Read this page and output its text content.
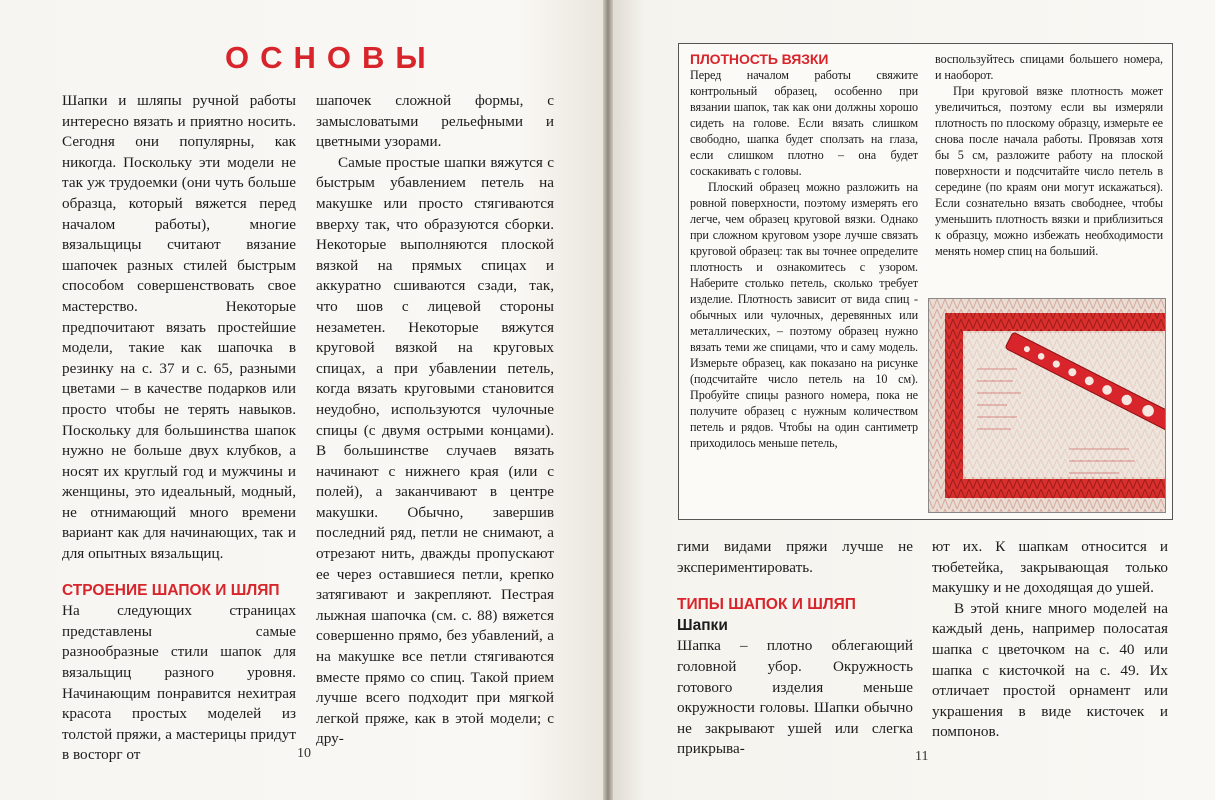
ОСНОВЫ

Шапки и шляпы ручной работы интересно вязать и приятно носить. Сегодня они популярны, как никогда. Поскольку эти модели не так уж трудоемки (они чуть больше образца, который вяжется перед началом работы), многие вязальщицы считают вязание шапочек разных стилей быстрым способом совершенствовать свое мастерство. Некоторые предпочитают вязать простейшие модели, такие как шапочка в резинку на с. 37 и с. 65, разными цветами – в качестве подарков или просто чтобы не терять навыков. Поскольку для большинства шапок нужно не больше двух клубков, а носят их круглый год и мужчины и женщины, это идеальный, модный, не отнимающий много времени вариант как для начинающих, так и для опытных вязальщиц.

СТРОЕНИЕ ШАПОК И ШЛЯП

На следующих страницах представлены самые разнообразные стили шапок для вязальщиц разного уровня. Начинающим понравится нехитрая красота простых моделей из толстой пряжи, а мастерицы придут в восторг от

шапочек сложной формы, с замысловатыми рельефными и цветными узорами.

Самые простые шапки вяжутся с быстрым убавлением петель на макушке или просто стягиваются вверху так, что образуются сборки. Некоторые выполняются плоской вязкой на прямых спицах и аккуратно сшиваются сзади, так, что шов с лицевой стороны незаметен. Некоторые вяжутся круговой вязкой на круговых спицах, а при убавлении петель, когда вязать круговыми становится неудобно, используются чулочные спицы (с двумя острыми концами). В большинстве случаев вязать начинают с нижнего края (или с полей), а заканчивают в центре макушки. Обычно, завершив последний ряд, петли не снимают, а отрезают нить, дважды пропускают ее через оставшиеся петли, крепко затягивают и закрепляют. Пестрая лыжная шапочка (см. с. 88) вяжется совершенно прямо, без убавлений, а на макушке все петли стягиваются вместе прямо со спиц. Такой прием лучше всего подходит при мягкой легкой пряже, как в этой модели; с дру-

10

ПЛОТНОСТЬ ВЯЗКИ

Перед началом работы свяжите контрольный образец, особенно при вязании шапок, так как они должны хорошо сидеть на голове. Если вязать слишком свободно, шапка будет сползать на глаза, если слишком плотно – она будет соскакивать с головы.

Плоский образец можно разложить на ровной поверхности, поэтому измерять его легче, чем образец круговой вязки. Однако при сложном круговом узоре лучше связать круговой образец: так вы точнее определите плотность и ознакомитесь с узором. Наберите столько петель, сколько требует изделие. Плотность зависит от вида спиц - обычных или чулочных, деревянных или металлических, – поэтому образец нужно вязать теми же спицами, что и саму модель. Измерьте образец, как показано на рисунке (подсчитайте число петель на 10 см). Пробуйте спицы разного номера, пока не получите образец с нужным количеством петель и рядов. Чтобы на один сантиметр приходилось меньше петель,

воспользуйтесь спицами большего номера, и наоборот.

При круговой вязке плотность может увеличиться, поэтому если вы измеряли плотность по плоскому образцу, измерьте ее снова после начала работы. Провязав хотя бы 5 см, разложите работу на плоской поверхности и подсчитайте число петель в середине (по краям они могут искажаться). Если сознательно вязать свободнее, чтобы уменьшить плотность вязки и приблизиться к образцу, можно избежать необходимости менять номер спиц на больший.

гими видами пряжи лучше не экспериментировать.

ТИПЫ ШАПОК И ШЛЯП

Шапки

Шапка – плотно облегающий головной убор. Окружность готового изделия меньше окружности головы. Шапки обычно не закрывают ушей или слегка прикрыва-

ют их. К шапкам относится и тюбетейка, закрывающая только макушку и не доходящая до ушей.

В этой книге много моделей на каждый день, например полосатая шапка с цветочком на с. 40 или шапка с кисточкой на с. 49. Их отличает простой орнамент или украшения в виде кисточек и помпонов.

11
